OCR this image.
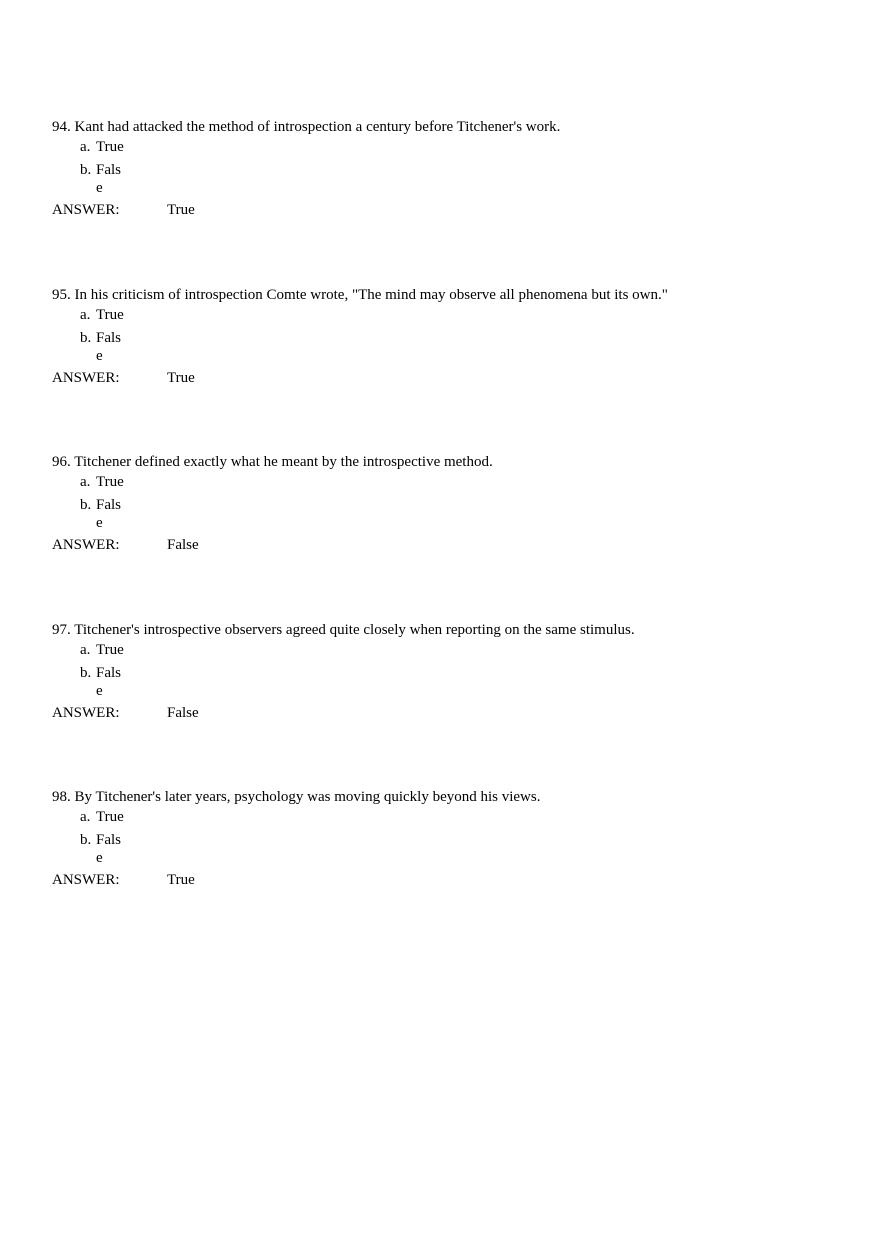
94. Kant had attacked the method of introspection a century before Titchener's work.
a. True
b. Fals
e
ANSWER:	True
95. In his criticism of introspection Comte wrote, "The mind may observe all phenomena but its own."
a. True
b. Fals
e
ANSWER:	True
96. Titchener defined exactly what he meant by the introspective method.
a. True
b. Fals
e
ANSWER:	False
97. Titchener's introspective observers agreed quite closely when reporting on the same stimulus.
a. True
b. Fals
e
ANSWER:	False
98. By Titchener's later years, psychology was moving quickly beyond his views.
a. True
b. Fals
e
ANSWER:	True
